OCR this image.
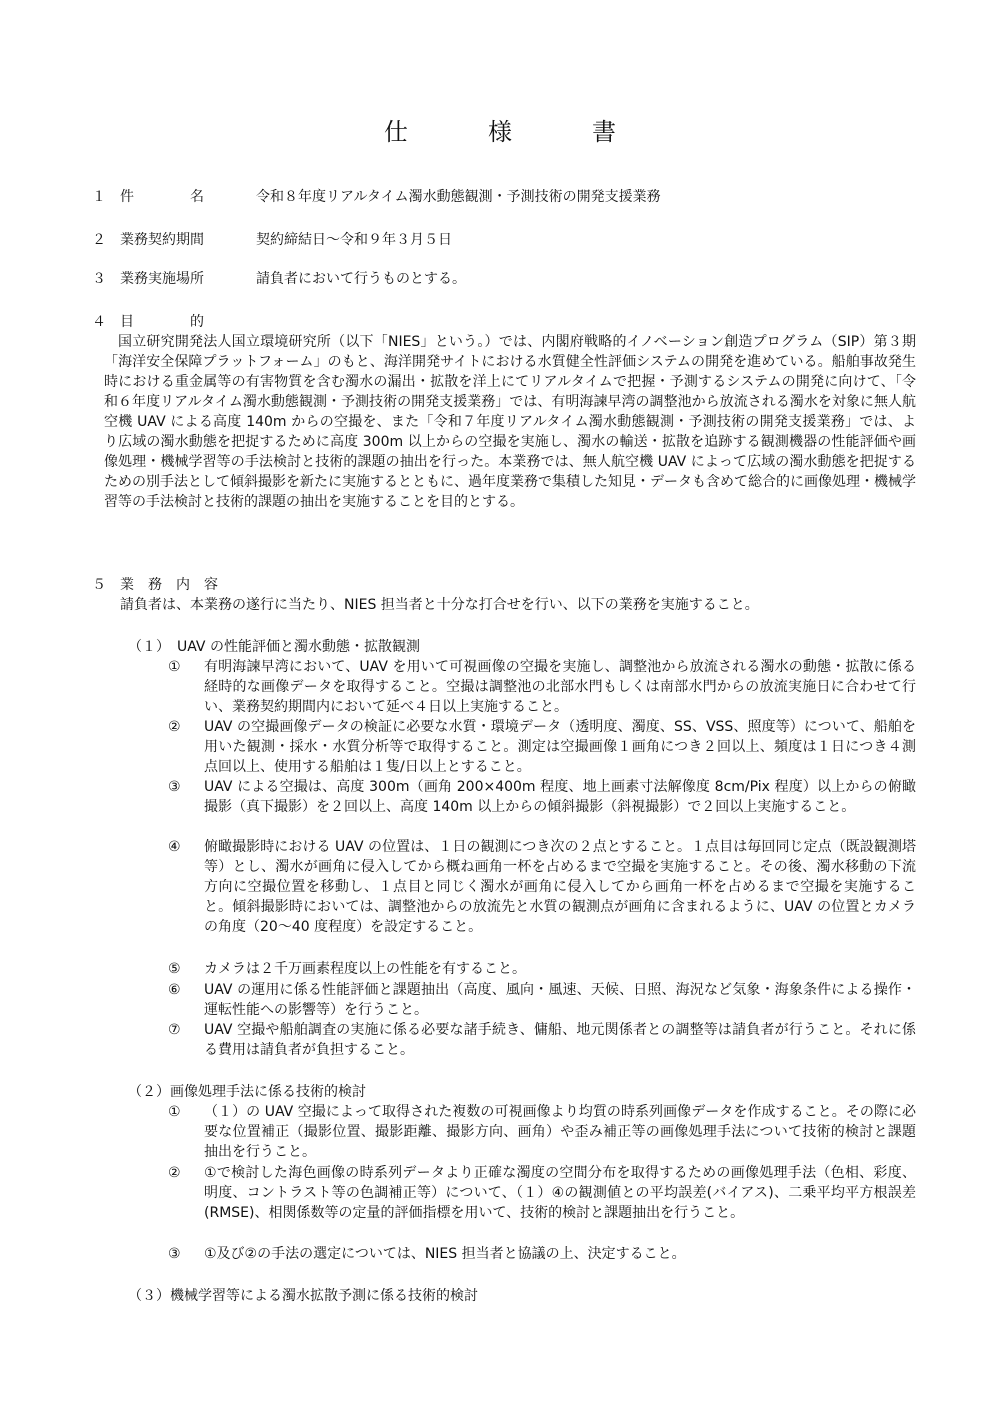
仕　様　書
１ 件　　　　名	令和８年度リアルタイム濁水動態観測・予測技術の開発支援業務
２ 業務契約期間	契約締結日～令和９年３月５日
３ 業務実施場所	請負者において行うものとする。
４ 目　　　　的
国立研究開発法人国立環境研究所（以下「NIES」という。）では、内閣府戦略的イノベーション創造プログラム（SIP）第３期「海洋安全保障プラットフォーム」のもと、海洋開発サイトにおける水質健全性評価システムの開発を進めている。船舶事故発生時における重金属等の有害物質を含む濁水の漏出・拡散を洋上にてリアルタイムで把握・予測するシステムの開発に向けて、「令和６年度リアルタイム濁水動態観測・予測技術の開発支援業務」では、有明海諫早湾の調整池から放流される濁水を対象に無人航空機 UAV による高度 140m からの空撮を、また「令和７年度リアルタイム濁水動態観測・予測技術の開発支援業務」では、より広域の濁水動態を把捉するために高度 300m 以上からの空撮を実施し、濁水の輸送・拡散を追跡する観測機器の性能評価や画像処理・機械学習等の手法検討と技術的課題の抽出を行った。本業務では、無人航空機 UAV によって広域の濁水動態を把捉するための別手法として傾斜撮影を新たに実施するとともに、過年度業務で集積した知見・データも含めて総合的に画像処理・機械学習等の手法検討と技術的課題の抽出を実施することを目的とする。
５ 業　務　内　容
請負者は、本業務の遂行に当たり、NIES 担当者と十分な打合せを行い、以下の業務を実施すること。
（１）　UAV の性能評価と濁水動態・拡散観測
① 有明海諫早湾において、UAV を用いて可視画像の空撮を実施し、調整池から放流される濁水の動態・拡散に係る経時的な画像データを取得すること。空撮は調整池の北部水門もしくは南部水門からの放流実施日に合わせて行い、業務契約期間内において延べ４日以上実施すること。
② UAV の空撮画像データの検証に必要な水質・環境データ（透明度、濁度、SS、VSS、照度等）について、船舶を用いた観測・採水・水質分析等で取得すること。測定は空撮画像１画角につき２回以上、頻度は１日につき４測点回以上、使用する船舶は１隻/日以上とすること。
③ UAV による空撮は、高度 300m（画角 200×400m 程度、地上画素寸法解像度 8cm/Pix 程度）以上からの俯瞰撮影（真下撮影）を２回以上、高度 140m 以上からの傾斜撮影（斜視撮影）で２回以上実施すること。
④ 俯瞰撮影時における UAV の位置は、１日の観測につき次の２点とすること。１点目は毎回同じ定点（既設観測塔等）とし、濁水が画角に侵入してから概ね画角一杯を占めるまで空撮を実施すること。その後、濁水移動の下流方向に空撮位置を移動し、１点目と同じく濁水が画角に侵入してから画角一杯を占めるまで空撮を実施すること。傾斜撮影時においては、調整池からの放流先と水質の観測点が画角に含まれるように、UAV の位置とカメラの角度（20～40 度程度）を設定すること。
⑤ カメラは２千万画素程度以上の性能を有すること。
⑥ UAV の運用に係る性能評価と課題抽出（高度、風向・風速、天候、日照、海況など気象・海象条件による操作・運転性能への影響等）を行うこと。
⑦ UAV 空撮や船舶調査の実施に係る必要な諸手続き、傭船、地元関係者との調整等は請負者が行うこと。それに係る費用は請負者が負担すること。
（２）画像処理手法に係る技術的検討
① （１）の UAV 空撮によって取得された複数の可視画像より均質の時系列画像データを作成すること。その際に必要な位置補正（撮影位置、撮影距離、撮影方向、画角）や歪み補正等の画像処理手法について技術的検討と課題抽出を行うこと。
② ①で検討した海色画像の時系列データより正確な濁度の空間分布を取得するための画像処理手法（色相、彩度、明度、コントラスト等の色調補正等）について、（１）④の観測値との平均誤差(バイアス)、二乗平均平方根誤差(RMSE)、相関係数等の定量的評価指標を用いて、技術的検討と課題抽出を行うこと。
③ ①及び②の手法の選定については、NIES 担当者と協議の上、決定すること。
（３）機械学習等による濁水拡散予測に係る技術的検討
